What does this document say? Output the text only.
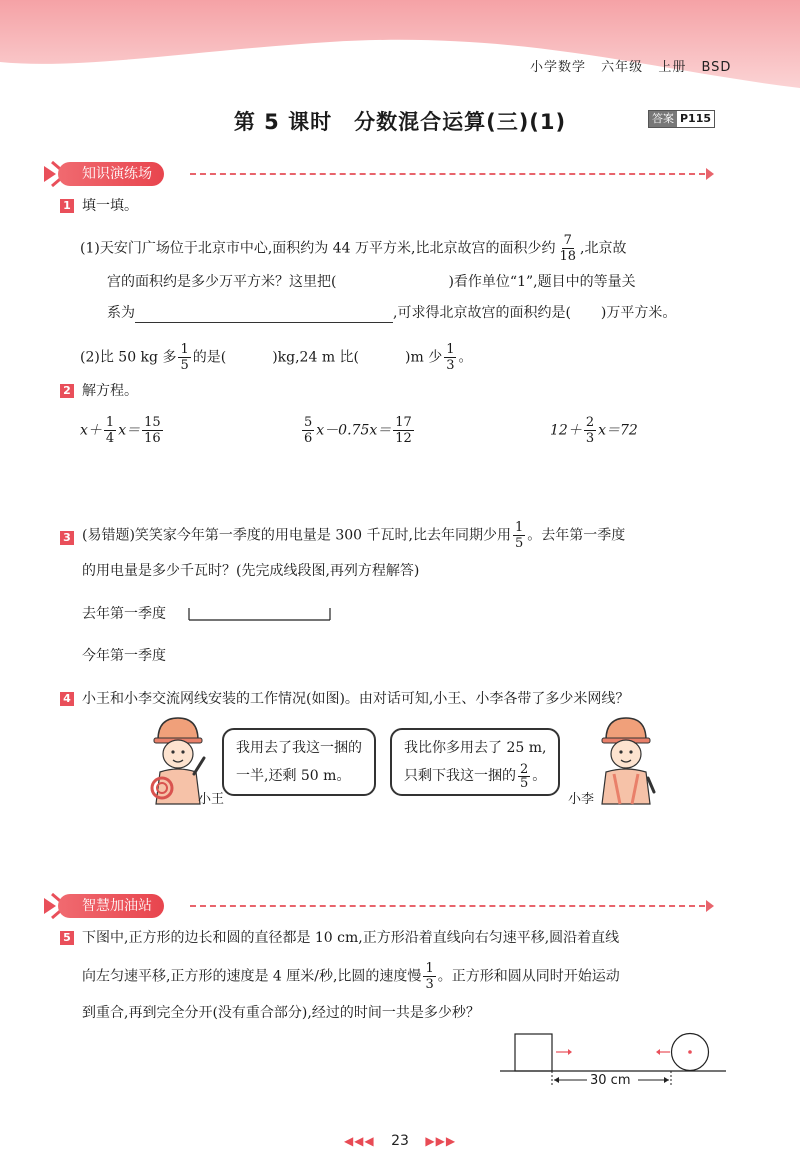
小学数学 六年级 上册 BSD
第 5 课时　分数混合运算(三)(1)	答案 P115
知识演练场
1 填一填。
(1)天安门广场位于北京市中心,面积约为 44 万平方米,比北京故宫的面积少约 $\frac{7}{18}$ ,北京故
宫的面积约是多少万平方米？这里把(	)看作单位“1”,题目中的等量关
系为	,可求得北京故宫的面积约是( )万平方米。
(2)比 50 kg 多 $\frac{1}{5}$ 的是(	)kg,24 m 比(	)m 少 $\frac{1}{3}$ 。
2 解方程。
$x+ \frac{1}{4} x= \frac{15}{16}$	$\frac{5}{6} x-0.75x= \frac{17}{12}$	$12+ \frac{2}{3} x=72$
3 (易错题)笑笑家今年第一季度的用电量是 300 千瓦时,比去年同期少用 $\frac{1}{5}$ 。去年第一季度
的用电量是多少千瓦时？(先完成线段图,再列方程解答)
去年第一季度
今年第一季度
4 小王和小李交流网线安装的工作情况(如图)。由对话可知,小王、小李各带了多少米网线？
小王
我用去了我这一捆的
一半,还剩 50 m。
我比你多用去了 25 m,
只剩下我这一捆的 $\frac{2}{5}$ 。
小李
智慧加油站
5 下图中,正方形的边长和圆的直径都是 10 cm,正方形沿着直线向右匀速平移,圆沿着直线
向左匀速平移,正方形的速度是 4 厘米/秒,比圆的速度慢 $\frac{1}{3}$ 。正方形和圆从同时开始运动
到重合,再到完全分开(没有重合部分),经过的时间一共是多少秒？
30 cm
◀◀◀ 23 ▶▶▶
